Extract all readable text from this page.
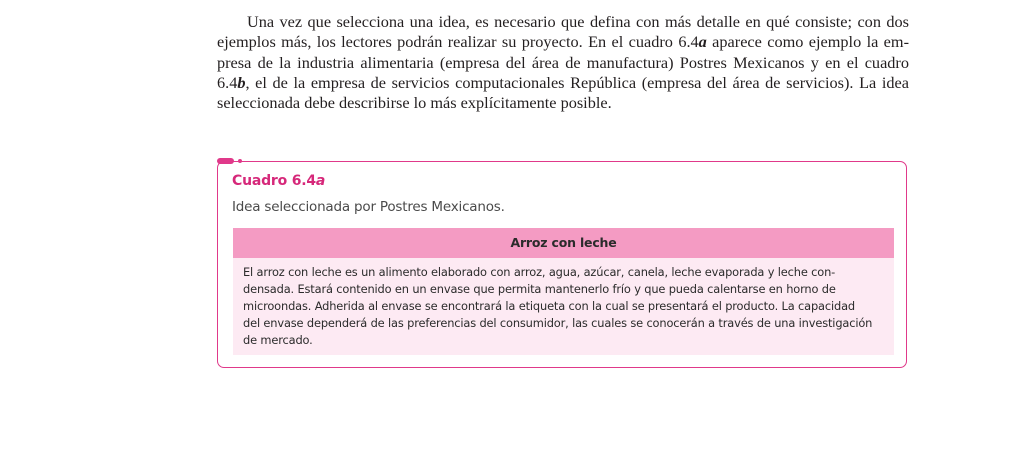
Una vez que selecciona una idea, es necesario que defina con más detalle en qué consiste; con dos
ejemplos más, los lectores podrán realizar su proyecto. En el cuadro 6.4a aparece como ejemplo la em-
presa de la industria alimentaria (empresa del área de manufactura) Postres Mexicanos y en el cuadro
6.4b, el de la empresa de servicios computacionales República (empresa del área de servicios). La idea
seleccionada debe describirse lo más explícitamente posible.
Cuadro 6.4a
Idea seleccionada por Postres Mexicanos.
Arroz con leche
El arroz con leche es un alimento elaborado con arroz, agua, azúcar, canela, leche evaporada y leche con-
densada. Estará contenido en un envase que permita mantenerlo frío y que pueda calentarse en horno de
microondas. Adherida al envase se encontrará la etiqueta con la cual se presentará el producto. La capacidad
del envase dependerá de las preferencias del consumidor, las cuales se conocerán a través de una investigación
de mercado.
